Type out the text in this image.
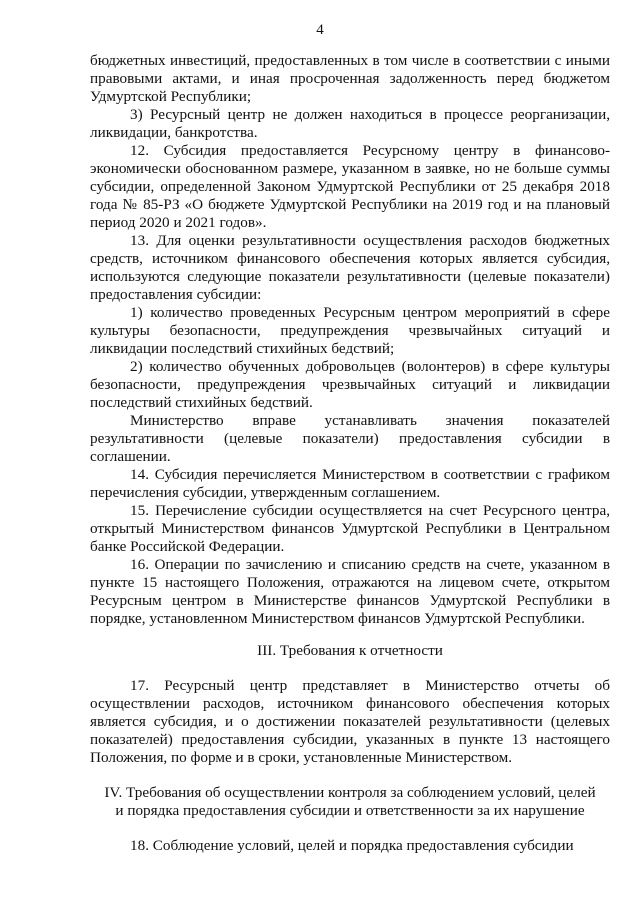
4

бюджетных инвестиций, предоставленных в том числе в соответствии с иными правовыми актами, и иная просроченная задолженность перед бюджетом Удмуртской Республики;

3) Ресурсный центр не должен находиться в процессе реорганизации, ликвидации, банкротства.

12. Субсидия предоставляется Ресурсному центру в финансово-экономически обоснованном размере, указанном в заявке, но не больше суммы субсидии, определенной Законом Удмуртской Республики от 25 декабря 2018 года № 85-РЗ «О бюджете Удмуртской Республики на 2019 год и на плановый период 2020 и 2021 годов».

13. Для оценки результативности осуществления расходов бюджетных средств, источником финансового обеспечения которых является субсидия, используются следующие показатели результативности (целевые показатели) предоставления субсидии:

1) количество проведенных Ресурсным центром мероприятий в сфере культуры безопасности, предупреждения чрезвычайных ситуаций и ликвидации последствий стихийных бедствий;

2) количество обученных добровольцев (волонтеров) в сфере культуры безопасности, предупреждения чрезвычайных ситуаций и ликвидации последствий стихийных бедствий.

Министерство вправе устанавливать значения показателей результативности (целевые показатели) предоставления субсидии в соглашении.

14. Субсидия перечисляется Министерством в соответствии с графиком перечисления субсидии, утвержденным соглашением.

15. Перечисление субсидии осуществляется на счет Ресурсного центра, открытый Министерством финансов Удмуртской Республики в Центральном банке Российской Федерации.

16. Операции по зачислению и списанию средств на счете, указанном в пункте 15 настоящего Положения, отражаются на лицевом счете, открытом Ресурсным центром в Министерстве финансов Удмуртской Республики в порядке, установленном Министерством финансов Удмуртской Республики.

III. Требования к отчетности

17. Ресурсный центр представляет в Министерство отчеты об осуществлении расходов, источником финансового обеспечения которых является субсидия, и о достижении показателей результативности (целевых показателей) предоставления субсидии, указанных в пункте 13 настоящего Положения, по форме и в сроки, установленные Министерством.

IV. Требования об осуществлении контроля за соблюдением условий, целей

и порядка предоставления субсидии и ответственности за их нарушение

18. Соблюдение условий, целей и порядка предоставления субсидии
